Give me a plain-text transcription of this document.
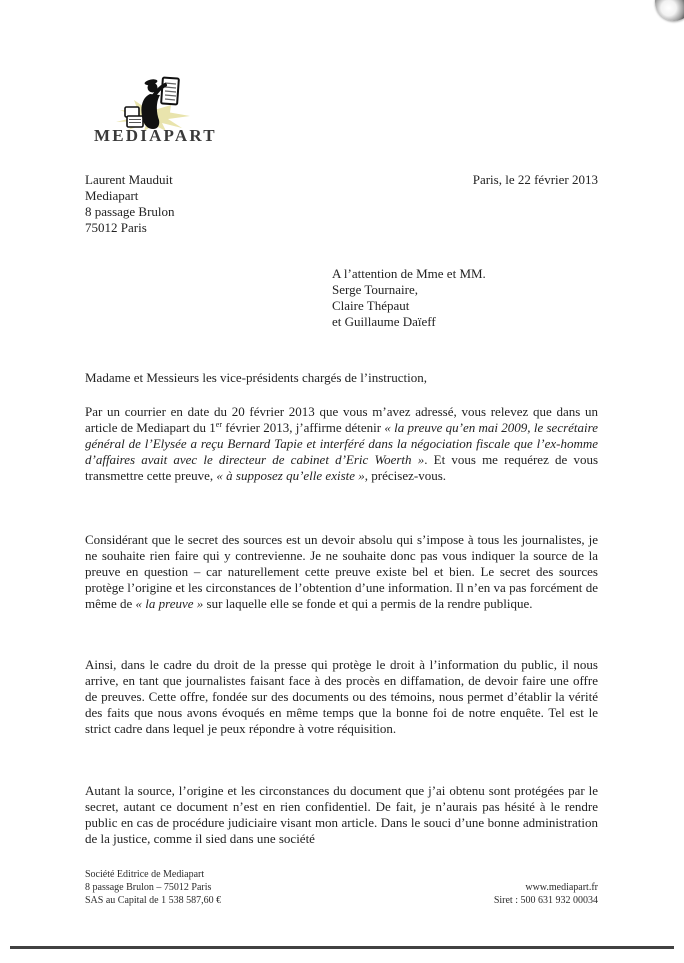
MEDIAPART
Laurent Mauduit
Mediapart
8 passage Brulon
75012 Paris
Paris, le 22 février 2013
A l’attention de Mme et MM.
Serge Tournaire,
Claire Thépaut
et Guillaume Daïeff
Madame et Messieurs les vice-présidents chargés de l’instruction,
Par un courrier en date du 20 février 2013 que vous m’avez adressé, vous relevez que dans un article de Mediapart du 1er février 2013, j’affirme détenir « la preuve qu’en mai 2009, le secrétaire général de l’Elysée a reçu Bernard Tapie et interféré dans la négociation fiscale que l’ex-homme d’affaires avait avec le directeur de cabinet d’Eric Woerth ». Et vous me requérez de vous transmettre cette preuve, « à supposez qu’elle existe », précisez-vous.
Considérant que le secret des sources est un devoir absolu qui s’impose à tous les journalistes, je ne souhaite rien faire qui y contrevienne. Je ne souhaite donc pas vous indiquer la source de la preuve en question – car naturellement cette preuve existe bel et bien. Le secret des sources protège l’origine et les circonstances de l’obtention d’une information. Il n’en va pas forcément de même de « la preuve » sur laquelle elle se fonde et qui a permis de la rendre publique.
Ainsi, dans le cadre du droit de la presse qui protège le droit à l’information du public, il nous arrive, en tant que journalistes faisant face à des procès en diffamation, de devoir faire une offre de preuves. Cette offre, fondée sur des documents ou des témoins, nous permet d’établir la vérité des faits que nous avons évoqués en même temps que la bonne foi de notre enquête. Tel est le strict cadre dans lequel je peux répondre à votre réquisition.
Autant la source, l’origine et les circonstances du document que j’ai obtenu sont protégées par le secret, autant ce document n’est en rien confidentiel. De fait, je n’aurais pas hésité à le rendre public en cas de procédure judiciaire visant mon article. Dans le souci d’une bonne administration de la justice, comme il sied dans une société
Société Editrice de Mediapart
8 passage Brulon – 75012 Paris
SAS au Capital de 1 538 587,60 €
www.mediapart.fr
Siret : 500 631 932 00034
